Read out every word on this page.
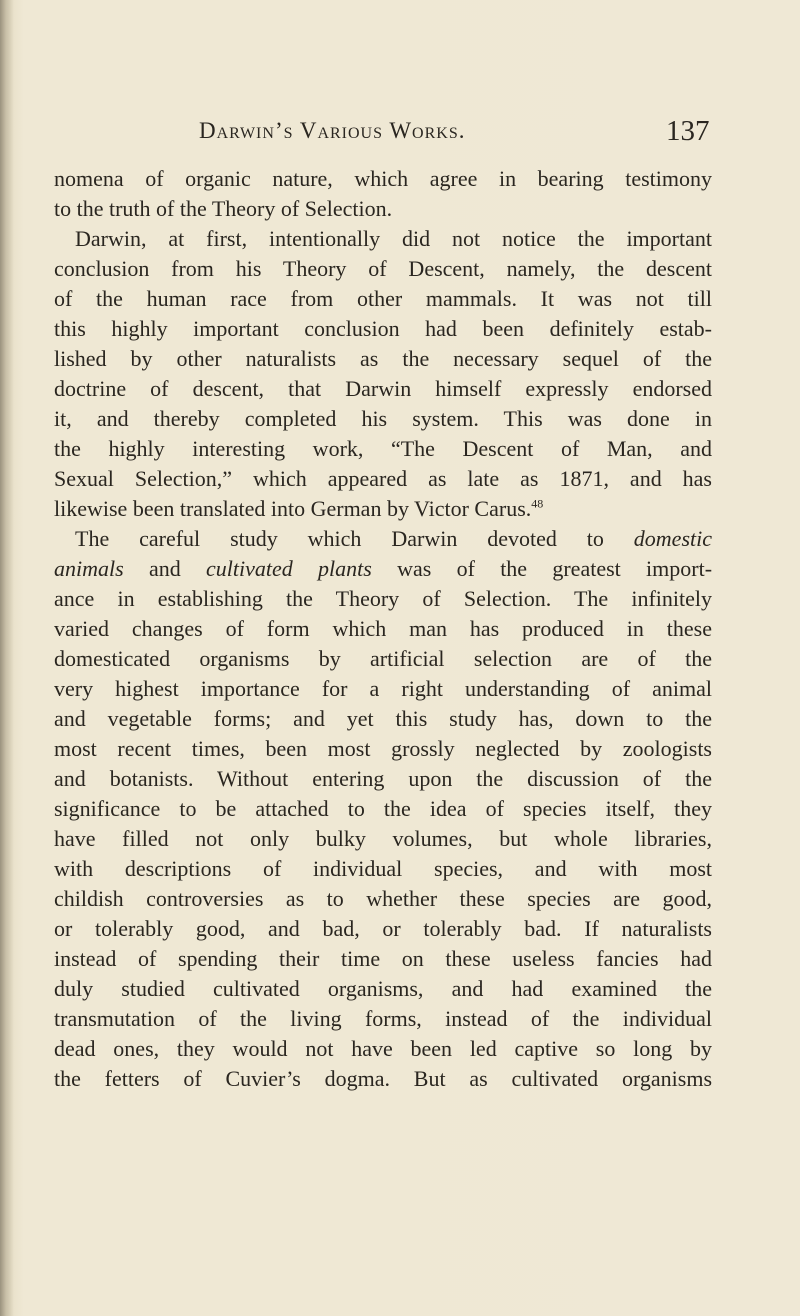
Darwin’s Various Works.	137
nomena of organic nature, which agree in bearing testimony
to the truth of the Theory of Selection.
Darwin, at first, intentionally did not notice the important
conclusion from his Theory of Descent, namely, the descent
of the human race from other mammals. It was not till
this highly important conclusion had been definitely estab-
lished by other naturalists as the necessary sequel of the
doctrine of descent, that Darwin himself expressly endorsed
it, and thereby completed his system. This was done in
the highly interesting work, “The Descent of Man, and
Sexual Selection,” which appeared as late as 1871, and has
likewise been translated into German by Victor Carus.$^{48}$
The careful study which Darwin devoted to domestic
animals and cultivated plants was of the greatest import-
ance in establishing the Theory of Selection. The infinitely
varied changes of form which man has produced in these
domesticated organisms by artificial selection are of the
very highest importance for a right understanding of animal
and vegetable forms; and yet this study has, down to the
most recent times, been most grossly neglected by zoologists
and botanists. Without entering upon the discussion of the
significance to be attached to the idea of species itself, they
have filled not only bulky volumes, but whole libraries,
with descriptions of individual species, and with most
childish controversies as to whether these species are good,
or tolerably good, and bad, or tolerably bad. If naturalists
instead of spending their time on these useless fancies had
duly studied cultivated organisms, and had examined the
transmutation of the living forms, instead of the individual
dead ones, they would not have been led captive so long by
the fetters of Cuvier’s dogma. But as cultivated organisms
